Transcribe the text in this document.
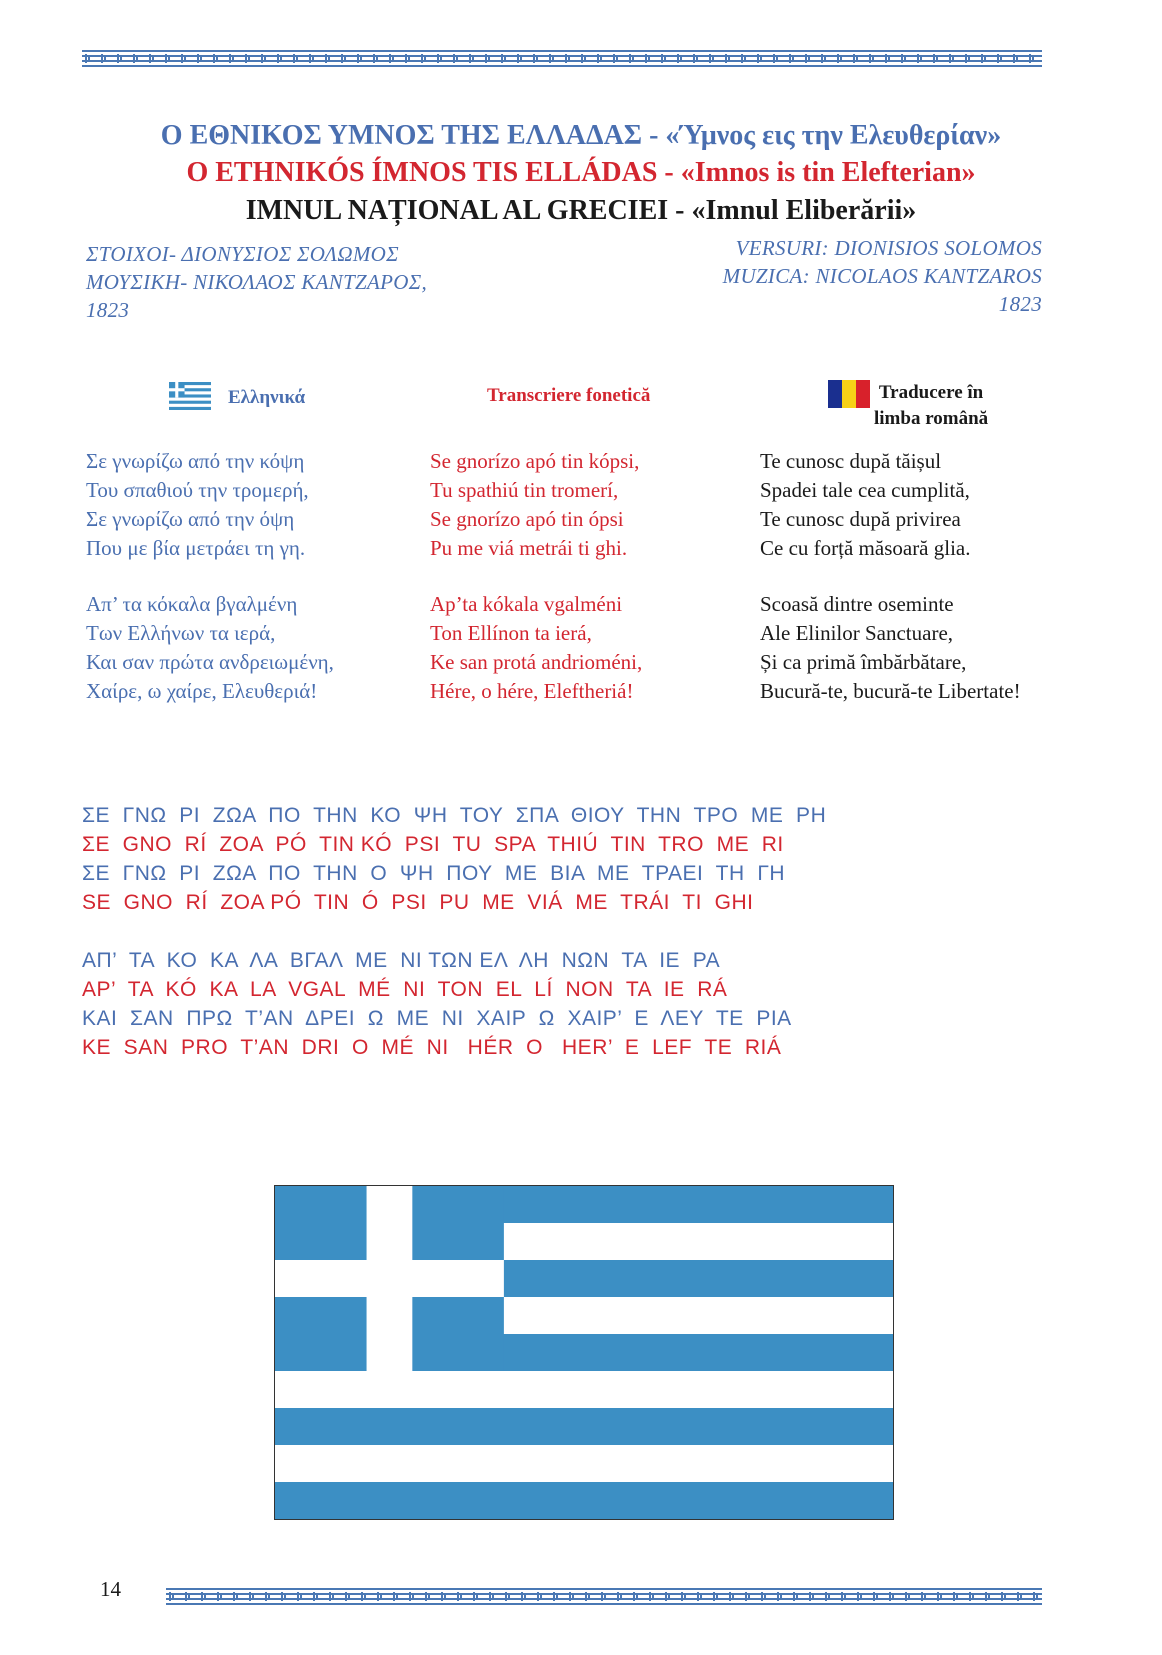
Ο ΕΘΝΙΚΟΣ ΥΜΝΟΣ ΤΗΣ ΕΛΛΑΔΑΣ - «Ύμνος εις την Ελευθερίαν»
O ETHNIKÓS ÍMNOS TIS ELLÁDAS - «Imnos is tin Elefterian»
IMNUL NAȚIONAL AL GRECIEI - «Imnul Eliberării»
ΣΤΟΙΧΟΙ- ΔΙΟΝΥΣΙΟΣ ΣΟΛΩΜΟΣ
ΜΟΥΣΙΚΗ- ΝΙΚΟΛΑΟΣ ΚΑΝΤΖΑΡΟΣ,
1823
VERSURI: DIONISIOS SOLOMOS
MUZICA: NICOLAOS KANTZAROS
1823
Ελληνικά	Transcriere fonetică	Traducere în
limba română
Σε γνωρίζω από την κόψη
Του σπαθιού την τρομερή,
Σε γνωρίζω από την όψη
Που με βία μετράει τη γη.
Απ’ τα κόκαλα βγαλμένη
Των Ελλήνων τα ιερά,
Και σαν πρώτα ανδρειωμένη,
Χαίρε, ω χαίρε, Ελευθεριά!
Se gnorízo apó tin kópsi,
Tu spathiú tin tromerí,
Se gnorízo apó tin ópsi
Pu me viá metrái ti ghi.
Ap’ta kókala vgalméni
Ton Ellínon ta ierá,
Ke san protá andrioméni,
Hére, o hére, Eleftheriá!
Te cunosc după tăișul
Spadei tale cea cumplită,
Te cunosc după privirea
Ce cu forță măsoară glia.
Scoasă dintre oseminte
Ale Elinilor Sanctuare,
Și ca primă îmbărbătare,
Bucură-te, bucură-te Libertate!
ΣΕ  ΓΝΩ  ΡΙ  ΖΩΑ  ΠΟ  ΤΗΝ  ΚΟ  ΨΗ  ΤΟΥ  ΣΠΑ  ΘΙΟΥ  ΤΗΝ  ΤΡΟ  ΜΕ  ΡΗ
ΣΕ  GNO  RÍ  ZOA  PÓ  TIN KÓ  PSI  TU  SPA  THIÚ  TIN  TRO  ME  RI
ΣΕ  ΓΝΩ  ΡΙ  ΖΩΑ  ΠΟ  ΤΗΝ  Ο  ΨΗ  ΠΟΥ  ΜΕ  ΒΙΑ  ΜΕ  ΤΡΑΕΙ  ΤΗ  ΓΗ
SE  GNO  RÍ  ZOA PÓ  TIN  Ó  PSI  PU  ME  VIÁ  ME  TRÁI  TI  GHI
ΑΠ’  ΤΑ  ΚΟ  ΚΑ  ΛΑ  ΒΓΑΛ  ΜΕ  ΝΙ ΤΩΝ ΕΛ  ΛΗ  ΝΩΝ  ΤΑ  ΙΕ  ΡΑ
AP’  TA  KÓ  KA  LA  VGAL  MÉ  NI  TON  EL  LÍ  NON  TA  IE  RÁ
ΚΑΙ  ΣΑΝ  ΠΡΩ  Τ’ΑΝ  ΔΡΕΙ  Ω  ΜΕ  ΝΙ  ΧΑΙΡ  Ω  ΧΑΙΡ’  Ε  ΛΕΥ  ΤΕ  ΡΙΑ
KE  SAN  PRO  T’AN  DRI  O  MÉ  NI   HÉR  O   HER’  E  LEF  TE  RIÁ
14
